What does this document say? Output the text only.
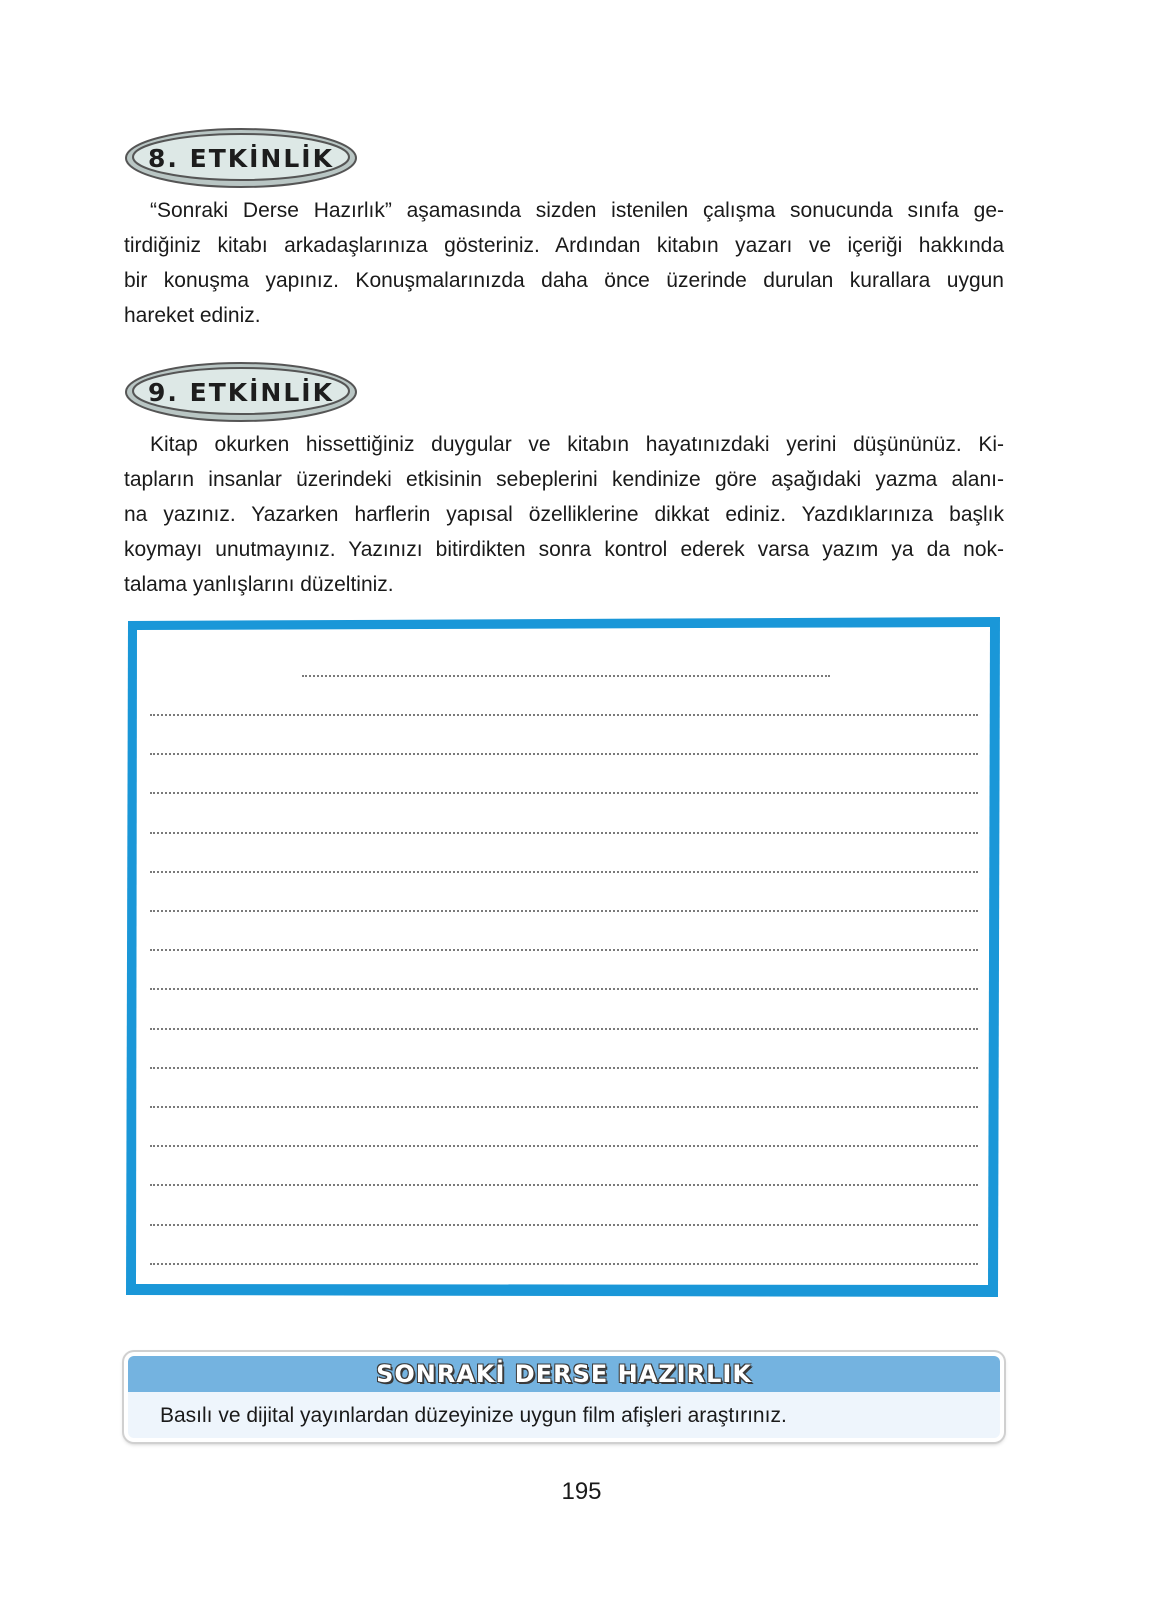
8. ETKİNLİK
“Sonraki Derse Hazırlık” aşamasında sizden istenilen çalışma sonucunda sınıfa ge-
tirdiğiniz kitabı arkadaşlarınıza gösteriniz. Ardından kitabın yazarı ve içeriği hakkında
bir konuşma yapınız. Konuşmalarınızda daha önce üzerinde durulan kurallara uygun
hareket ediniz.
9. ETKİNLİK
Kitap okurken hissettiğiniz duygular ve kitabın hayatınızdaki yerini düşününüz. Ki-
tapların insanlar üzerindeki etkisinin sebeplerini kendinize göre aşağıdaki yazma alanı-
na yazınız. Yazarken harflerin yapısal özelliklerine dikkat ediniz. Yazdıklarınıza başlık
koymayı unutmayınız. Yazınızı bitirdikten sonra kontrol ederek varsa yazım ya da nok-
talama yanlışlarını düzeltiniz.
SONRAKİ DERSE HAZIRLIK
Basılı ve dijital yayınlardan düzeyinize uygun film afişleri araştırınız.
195
